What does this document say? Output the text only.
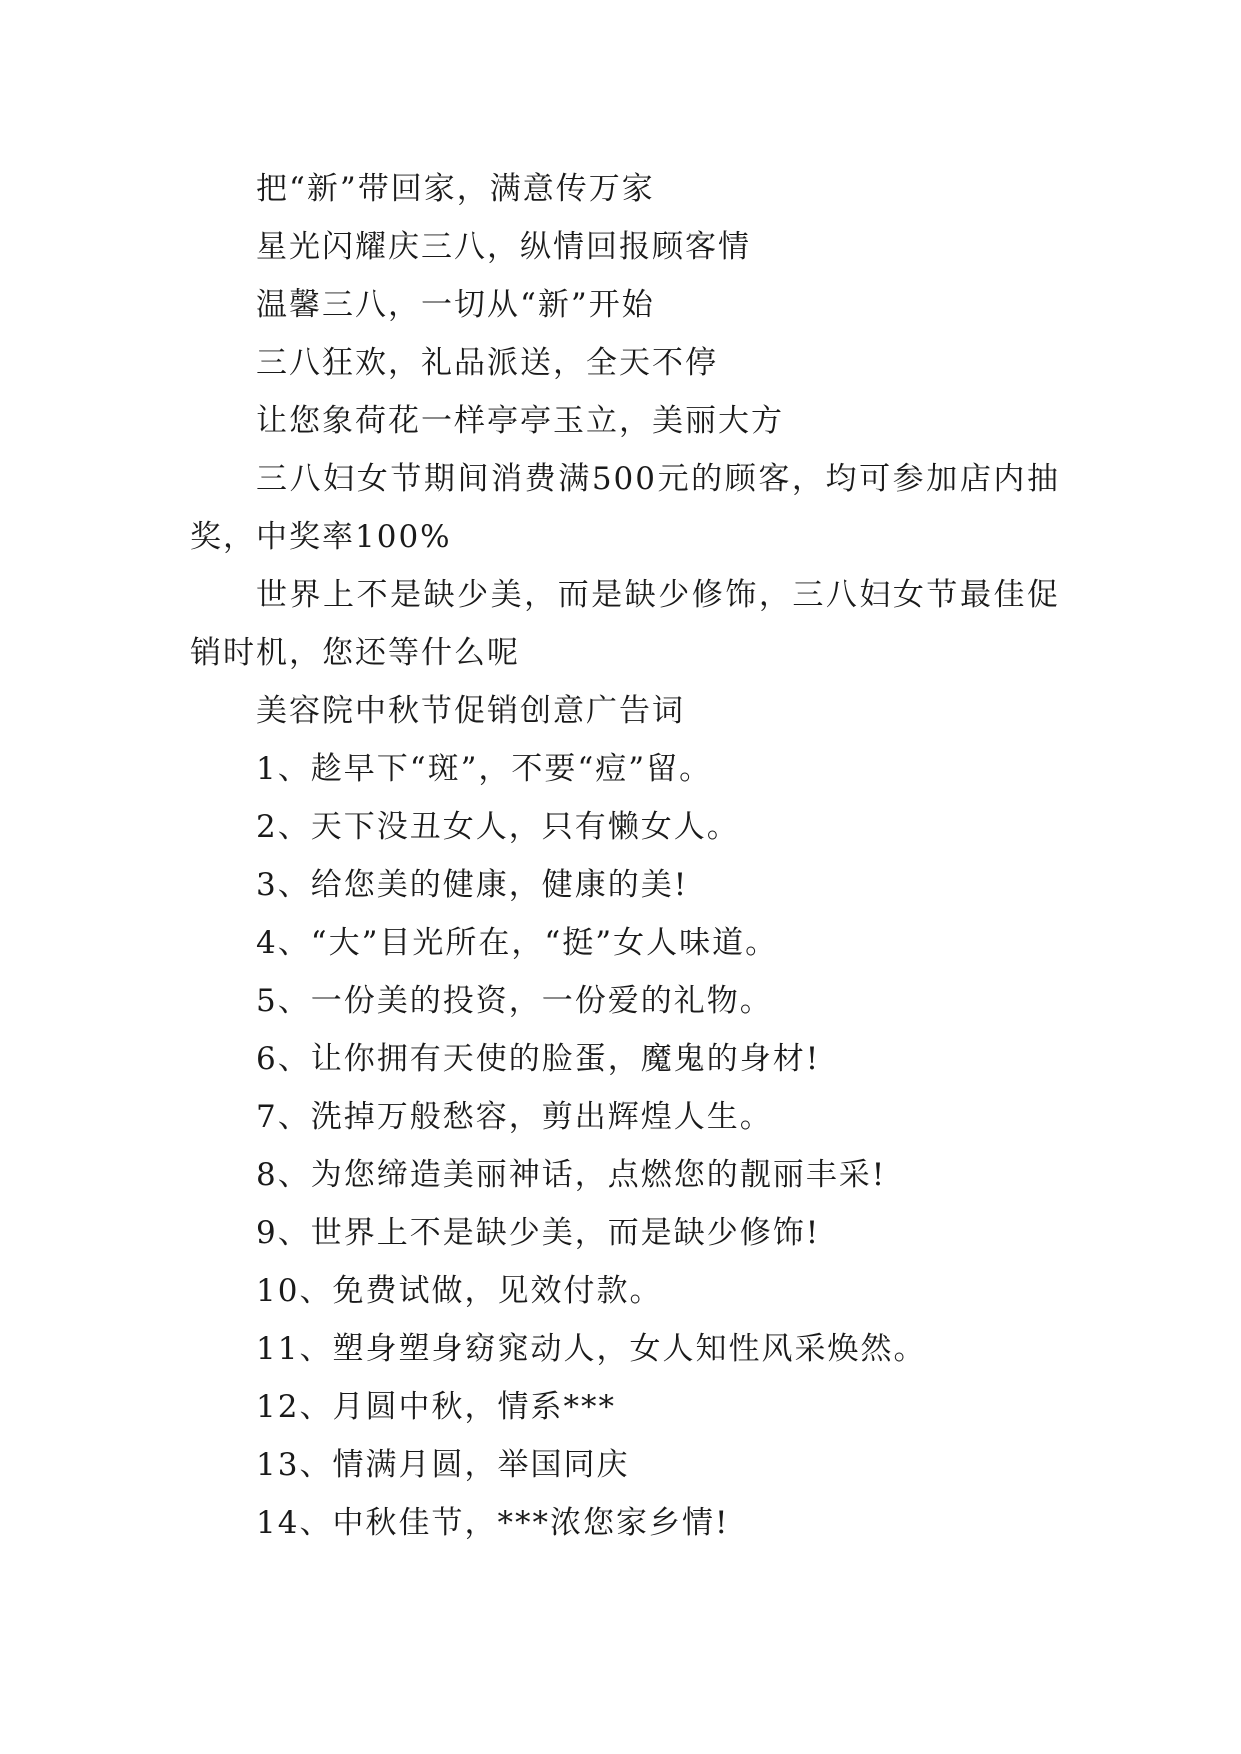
把“新”带回家，满意传万家

星光闪耀庆三八，纵情回报顾客情

温馨三八，一切从“新”开始

三八狂欢，礼品派送，全天不停

让您象荷花一样亭亭玉立，美丽大方

三八妇女节期间消费满500元的顾客，均可参加店内抽奖，中奖率100%

世界上不是缺少美，而是缺少修饰，三八妇女节最佳促销时机，您还等什么呢

美容院中秋节促销创意广告词

1、趁早下“斑”，不要“痘”留。

2、天下没丑女人，只有懒女人。

3、给您美的健康，健康的美!

4、“大”目光所在，“挺”女人味道。

5、一份美的投资，一份爱的礼物。

6、让你拥有天使的脸蛋，魔鬼的身材!

7、洗掉万般愁容，剪出辉煌人生。

8、为您缔造美丽神话，点燃您的靓丽丰采!

9、世界上不是缺少美，而是缺少修饰!

10、免费试做，见效付款。

11、塑身塑身窈窕动人，女人知性风采焕然。

12、月圆中秋，情系***

13、情满月圆，举国同庆

14、中秋佳节，***浓您家乡情!
